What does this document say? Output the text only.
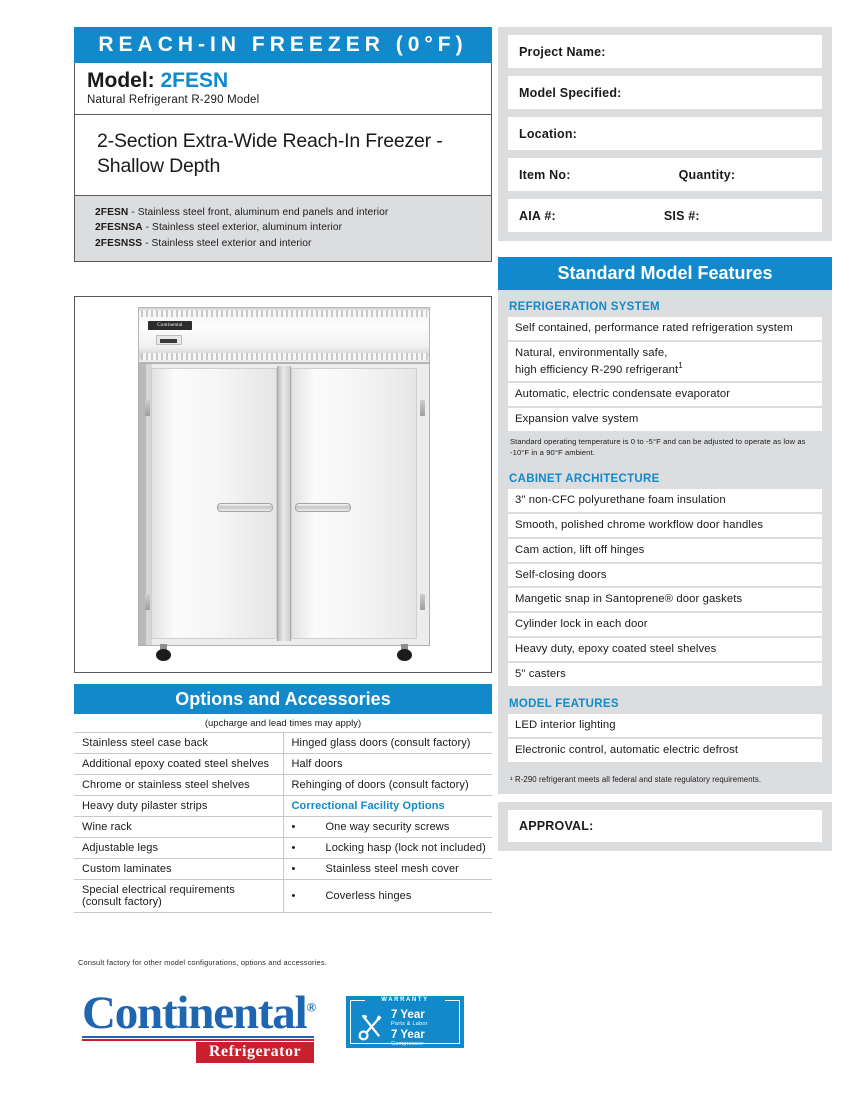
REACH-IN FREEZER (0°F)
Model: 2FESN
Natural Refrigerant R-290 Model
2-Section Extra-Wide Reach-In Freezer - Shallow Depth
2FESN - Stainless steel front, aluminum end panels and interior
2FESNSA - Stainless steel exterior, aluminum interior
2FESNSS - Stainless steel exterior and interior
Continental
Options and Accessories
(upcharge and lead times may apply)
Stainless steel case back	Hinged glass doors (consult factory)
Additional epoxy coated steel shelves	Half doors
Chrome or stainless steel shelves	Rehinging of doors (consult factory)
Heavy duty pilaster strips	Correctional Facility Options
Wine rack	• One way security screws
Adjustable legs	• Locking hasp (lock not included)
Custom laminates	• Stainless steel mesh cover
Special electrical requirements (consult factory)	• Coverless hinges
Consult factory for other model configurations, options and accessories.
Continental®
Refrigerator
WARRANTY
7 Year
Parts & Labor
7 Year
Compressor
Project Name:
Model Specified:
Location:
Item No:	Quantity:
AIA #:	SIS #:
Standard Model Features
REFRIGERATION SYSTEM
Self contained, performance rated refrigeration system
Natural, environmentally safe,
high efficiency R-290 refrigerant$^1$
Automatic, electric condensate evaporator
Expansion valve system
Standard operating temperature is 0 to -5°F and can be adjusted to operate as low as -10°F in a 90°F ambient.
CABINET ARCHITECTURE
3" non-CFC polyurethane foam insulation
Smooth, polished chrome workflow door handles
Cam action, lift off hinges
Self-closing doors
Mangetic snap in Santoprene® door gaskets
Cylinder lock in each door
Heavy duty, epoxy coated steel shelves
5" casters
MODEL FEATURES
LED interior lighting
Electronic control, automatic electric defrost
¹ R-290 refrigerant meets all federal and state regulatory requirements.
APPROVAL:
